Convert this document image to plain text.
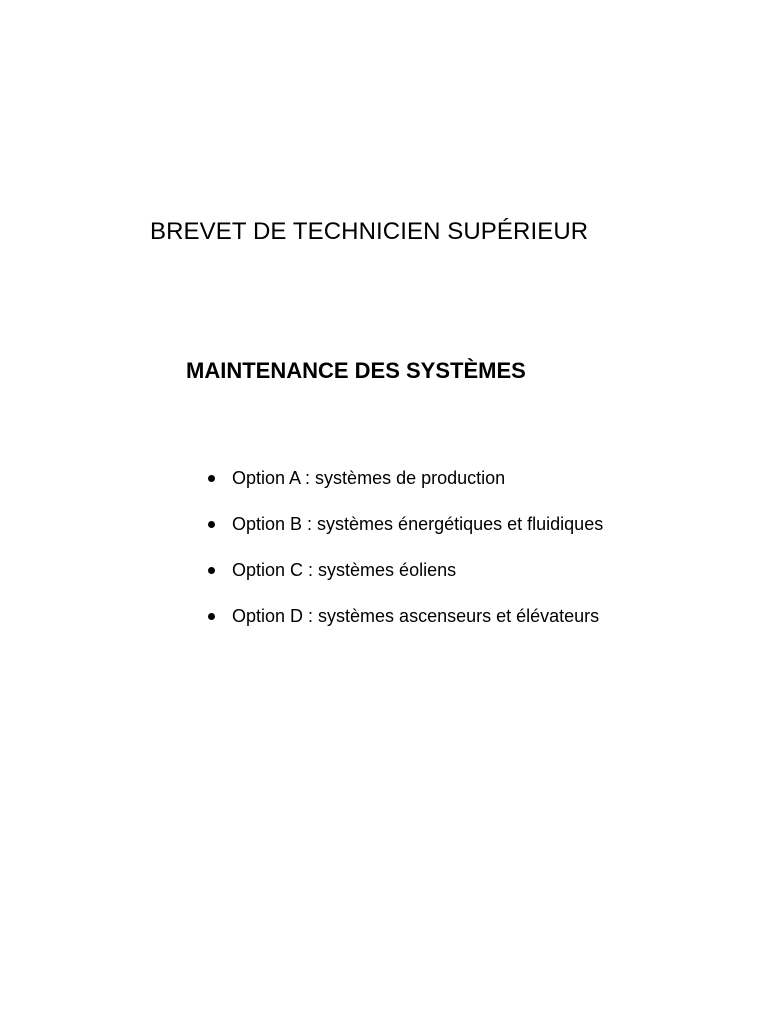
BREVET DE TECHNICIEN SUPÉRIEUR
MAINTENANCE DES SYSTÈMES
Option A : systèmes de production
Option B : systèmes énergétiques et fluidiques
Option C : systèmes éoliens
Option D : systèmes ascenseurs et élévateurs
